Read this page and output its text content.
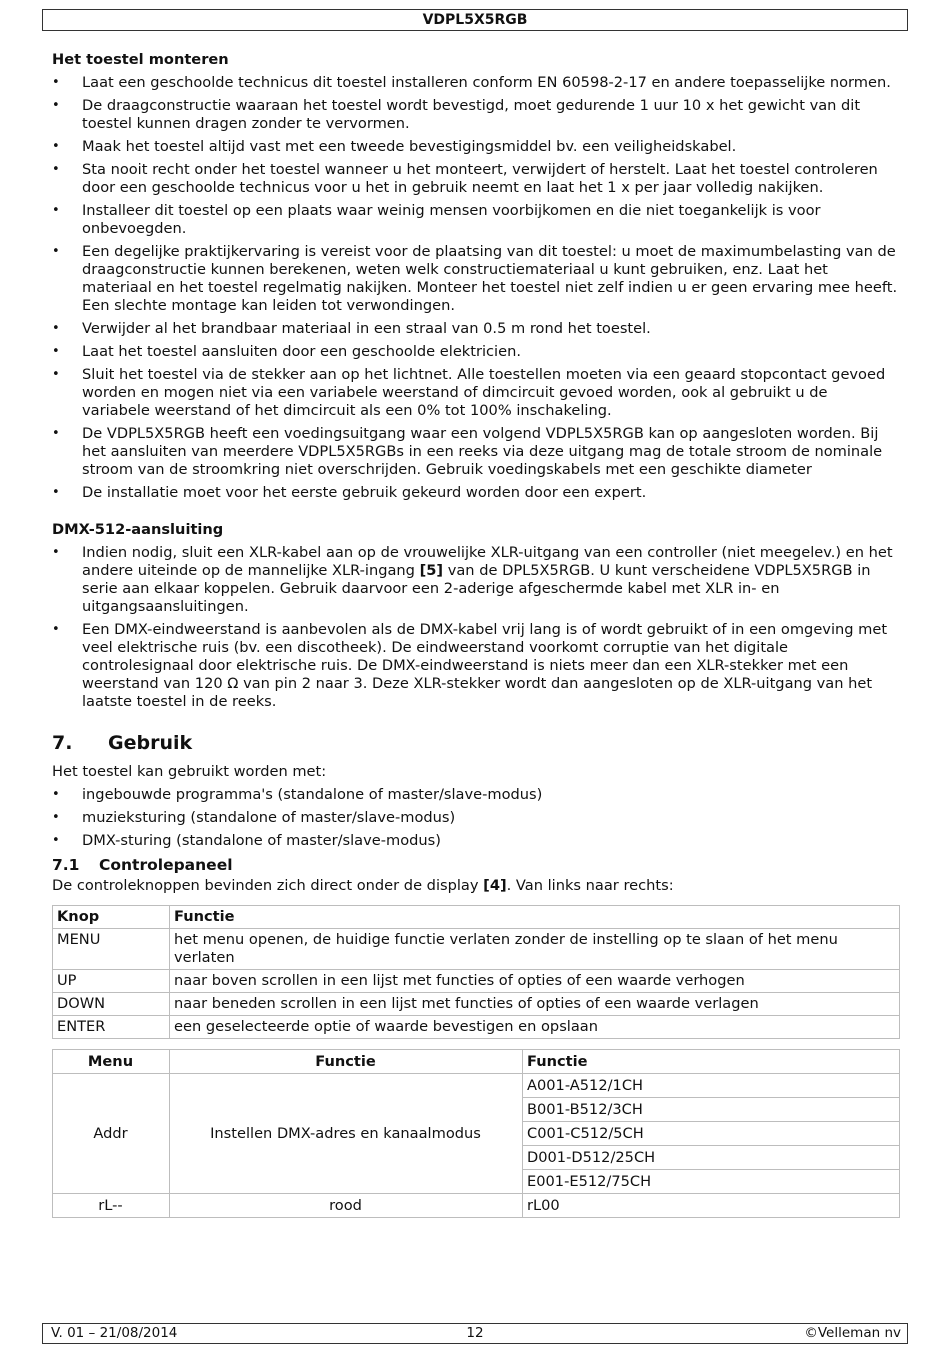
VDPL5X5RGB
Het toestel monteren
• Laat een geschoolde technicus dit toestel installeren conform EN 60598-2-17 en andere toepasselijke normen.
• De draagconstructie waaraan het toestel wordt bevestigd, moet gedurende 1 uur 10 x het gewicht van dit toestel kunnen dragen zonder te vervormen.
• Maak het toestel altijd vast met een tweede bevestigingsmiddel bv. een veiligheidskabel.
• Sta nooit recht onder het toestel wanneer u het monteert, verwijdert of herstelt. Laat het toestel controleren door een geschoolde technicus voor u het in gebruik neemt en laat het 1 x per jaar volledig nakijken.
• Installeer dit toestel op een plaats waar weinig mensen voorbijkomen en die niet toegankelijk is voor onbevoegden.
• Een degelijke praktijkervaring is vereist voor de plaatsing van dit toestel: u moet de maximumbelasting van de draagconstructie kunnen berekenen, weten welk constructiemateriaal u kunt gebruiken, enz. Laat het materiaal en het toestel regelmatig nakijken. Monteer het toestel niet zelf indien u er geen ervaring mee heeft. Een slechte montage kan leiden tot verwondingen.
• Verwijder al het brandbaar materiaal in een straal van 0.5 m rond het toestel.
• Laat het toestel aansluiten door een geschoolde elektricien.
• Sluit het toestel via de stekker aan op het lichtnet. Alle toestellen moeten via een geaard stopcontact gevoed worden en mogen niet via een variabele weerstand of dimcircuit gevoed worden, ook al gebruikt u de variabele weerstand of het dimcircuit als een 0% tot 100% inschakeling.
• De VDPL5X5RGB heeft een voedingsuitgang waar een volgend VDPL5X5RGB kan op aangesloten worden. Bij het aansluiten van meerdere VDPL5X5RGBs in een reeks via deze uitgang mag de totale stroom de nominale stroom van de stroomkring niet overschrijden. Gebruik voedingskabels met een geschikte diameter
• De installatie moet voor het eerste gebruik gekeurd worden door een expert.
DMX-512-aansluiting
• Indien nodig, sluit een XLR-kabel aan op de vrouwelijke XLR-uitgang van een controller (niet meegelev.) en het andere uiteinde op de mannelijke XLR-ingang [5] van de DPL5X5RGB. U kunt verscheidene VDPL5X5RGB in serie aan elkaar koppelen. Gebruik daarvoor een 2-aderige afgeschermde kabel met XLR in- en uitgangsaansluitingen.
• Een DMX-eindweerstand is aanbevolen als de DMX-kabel vrij lang is of wordt gebruikt of in een omgeving met veel elektrische ruis (bv. een discotheek). De eindweerstand voorkomt corruptie van het digitale controlesignaal door elektrische ruis. De DMX-eindweerstand is niets meer dan een XLR-stekker met een weerstand van 120 Ω van pin 2 naar 3. Deze XLR-stekker wordt dan aangesloten op de XLR-uitgang van het laatste toestel in de reeks.
7. Gebruik

Het toestel kan gebruikt worden met:

• ingebouwde programma's (standalone of master/slave-modus)
• muzieksturing (standalone of master/slave-modus)
• DMX-sturing (standalone of master/slave-modus)
7.1 Controlepaneel

De controleknoppen bevinden zich direct onder de display [4]. Van links naar rechts:

Knop	Functie
MENU	het menu openen, de huidige functie verlaten zonder de instelling op te slaan of het menu verlaten
UP	naar boven scrollen in een lijst met functies of opties of een waarde verhogen
DOWN	naar beneden scrollen in een lijst met functies of opties of een waarde verlagen
ENTER	een geselecteerde optie of waarde bevestigen en opslaan
Menu	Functie	Functie
Addr	Instellen DMX-adres en kanaalmodus	A001-A512/1CH
		B001-B512/3CH
		C001-C512/5CH
		D001-D512/25CH
		E001-E512/75CH
rL--	rood	rL00
V. 01 – 21/08/2014	12	©Velleman nv
